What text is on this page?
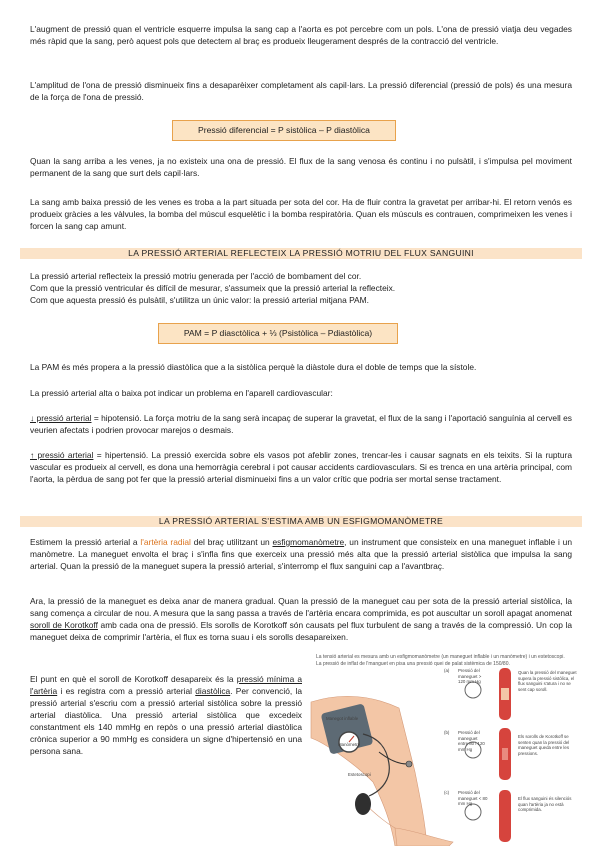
L'augment de pressió quan el ventricle esquerre impulsa la sang cap a l'aorta es pot percebre com un pols. L'ona de pressió viatja deu vegades més ràpid que la sang, però aquest pols que detectem al braç es produeix lleugerament després de la contracció del ventricle.

L'amplitud de l'ona de pressió disminueix fins a desaparèixer completament als capil·lars. La pressió diferencial (pressió de pols) és una mesura de la força de l'ona de pressió.

Pressió diferencial = P sistòlica – P diastòlica

Quan la sang arriba a les venes, ja no existeix una ona de pressió. El flux de la sang venosa és continu i no pulsàtil, i s'impulsa pel moviment permanent de la sang que surt dels capil·lars.

La sang amb baixa pressió de les venes es troba a la part situada per sota del cor. Ha de fluir contra la gravetat per arribar-hi. El retorn venós es produeix gràcies a les vàlvules, la bomba del múscul esquelètic i la bomba respiratòria. Quan els músculs es contrauen, comprimeixen les venes i forcen la sang cap amunt.

LA PRESSIÓ ARTERIAL REFLECTEIX LA PRESSIÓ MOTRIU DEL FLUX SANGUINI

La pressió arterial reflecteix la pressió motriu generada per l'acció de bombament del cor.

Com que la pressió ventricular és difícil de mesurar, s'assumeix que la pressió arterial la reflecteix.

Com que aquesta pressió és pulsàtil, s'utilitza un únic valor: la pressió arterial mitjana PAM.

PAM = P diasctòlica + ⅓ (Psistòlica – Pdiastòlica)

La PAM és més propera a la pressió diastòlica que a la sistòlica perquè la diàstole dura el doble de temps que la sístole.

La pressió arterial alta o baixa pot indicar un problema en l'aparell cardiovascular:

↓ pressió arterial = hipotensió. La força motriu de la sang serà incapaç de superar la gravetat, el flux de la sang i l'aportació sanguínia al cervell es veurien afectats i podrien provocar marejos o desmais.

↑ pressió arterial = hipertensió. La pressió exercida sobre els vasos pot afeblir zones, trencar-les i causar sagnats en els teixits. Si la ruptura vascular es produeix al cervell, es dona una hemorràgia cerebral i pot causar accidents cardiovasculars. Si es trenca en una artèria principal, com l'aorta, la pèrdua de sang pot fer que la pressió arterial disminueixi fins a un valor crític que podria ser mortal sense tractament.

LA PRESSIÓ ARTERIAL S'ESTIMA AMB UN ESFIGMOMANÒMETRE

Estimem la pressió arterial a l'artèria radial del braç utilitzant un esfigmomanòmetre, un instrument que consisteix en una maneguet inflable i un manòmetre. La maneguet envolta el braç i s'infla fins que exerceix una pressió més alta que la pressió arterial sistòlica que impulsa la sang arterial. Quan la pressió de la maneguet supera la pressió arterial, s'interromp el flux sanguini cap a l'avantbraç.

Ara, la pressió de la maneguet es deixa anar de manera gradual. Quan la pressió de la maneguet cau per sota de la pressió arterial sistòlica, la sang comença a circular de nou. A mesura que la sang passa a través de l'artèria encara comprimida, es pot auscultar un soroll apagat anomenat soroll de Korotkoff amb cada ona de pressió. Els sorolls de Korotkoff són causats pel flux turbulent de sang a través de la compressió. Un cop la maneguet deixa de comprimir l'artèria, el flux es torna suau i els sorolls desapareixen.

El punt en què el soroll de Korotkoff desapareix és la pressió mínima a l'artèria i es registra com a pressió arterial diastòlica. Per convenció, la pressió arterial s'escriu com a pressió arterial sistòlica sobre la pressió arterial diastòlica. Una pressió arterial sistòlica que excedeix constantment els 140 mmHg en repòs o una pressió arterial diastòlica crònica superior a 90 mmHg es considera un signe d'hipertensió en una persona sana.

La tensió arterial es mesura amb un esfigmomanòmetre (un maneguet inflable i un manòmetre) i un estetoscopi.
La pressió de inflat de l'manguet en pisa una pressió quei de palat sistèmica de 150/80.
Manegot inflable
Manòmetre
Estetoscopi
(a)
(b)
(c)
Pressió del maneguet > 120 mm Hg
Pressió del maneguet entre 80 i 120 mm Hg
Pressió del maneguet < 80 mm Hg
Quan la pressió del maneguet supera la pressió sistòlica, el flux sanguini s'atura i no se sent cap soroll.
Els sorolls de Korotkoff se senten quan la pressió del maneguet queda entre les pressions.
El flux sanguini és silenciós quan l'artèria ja no està comprimida.
